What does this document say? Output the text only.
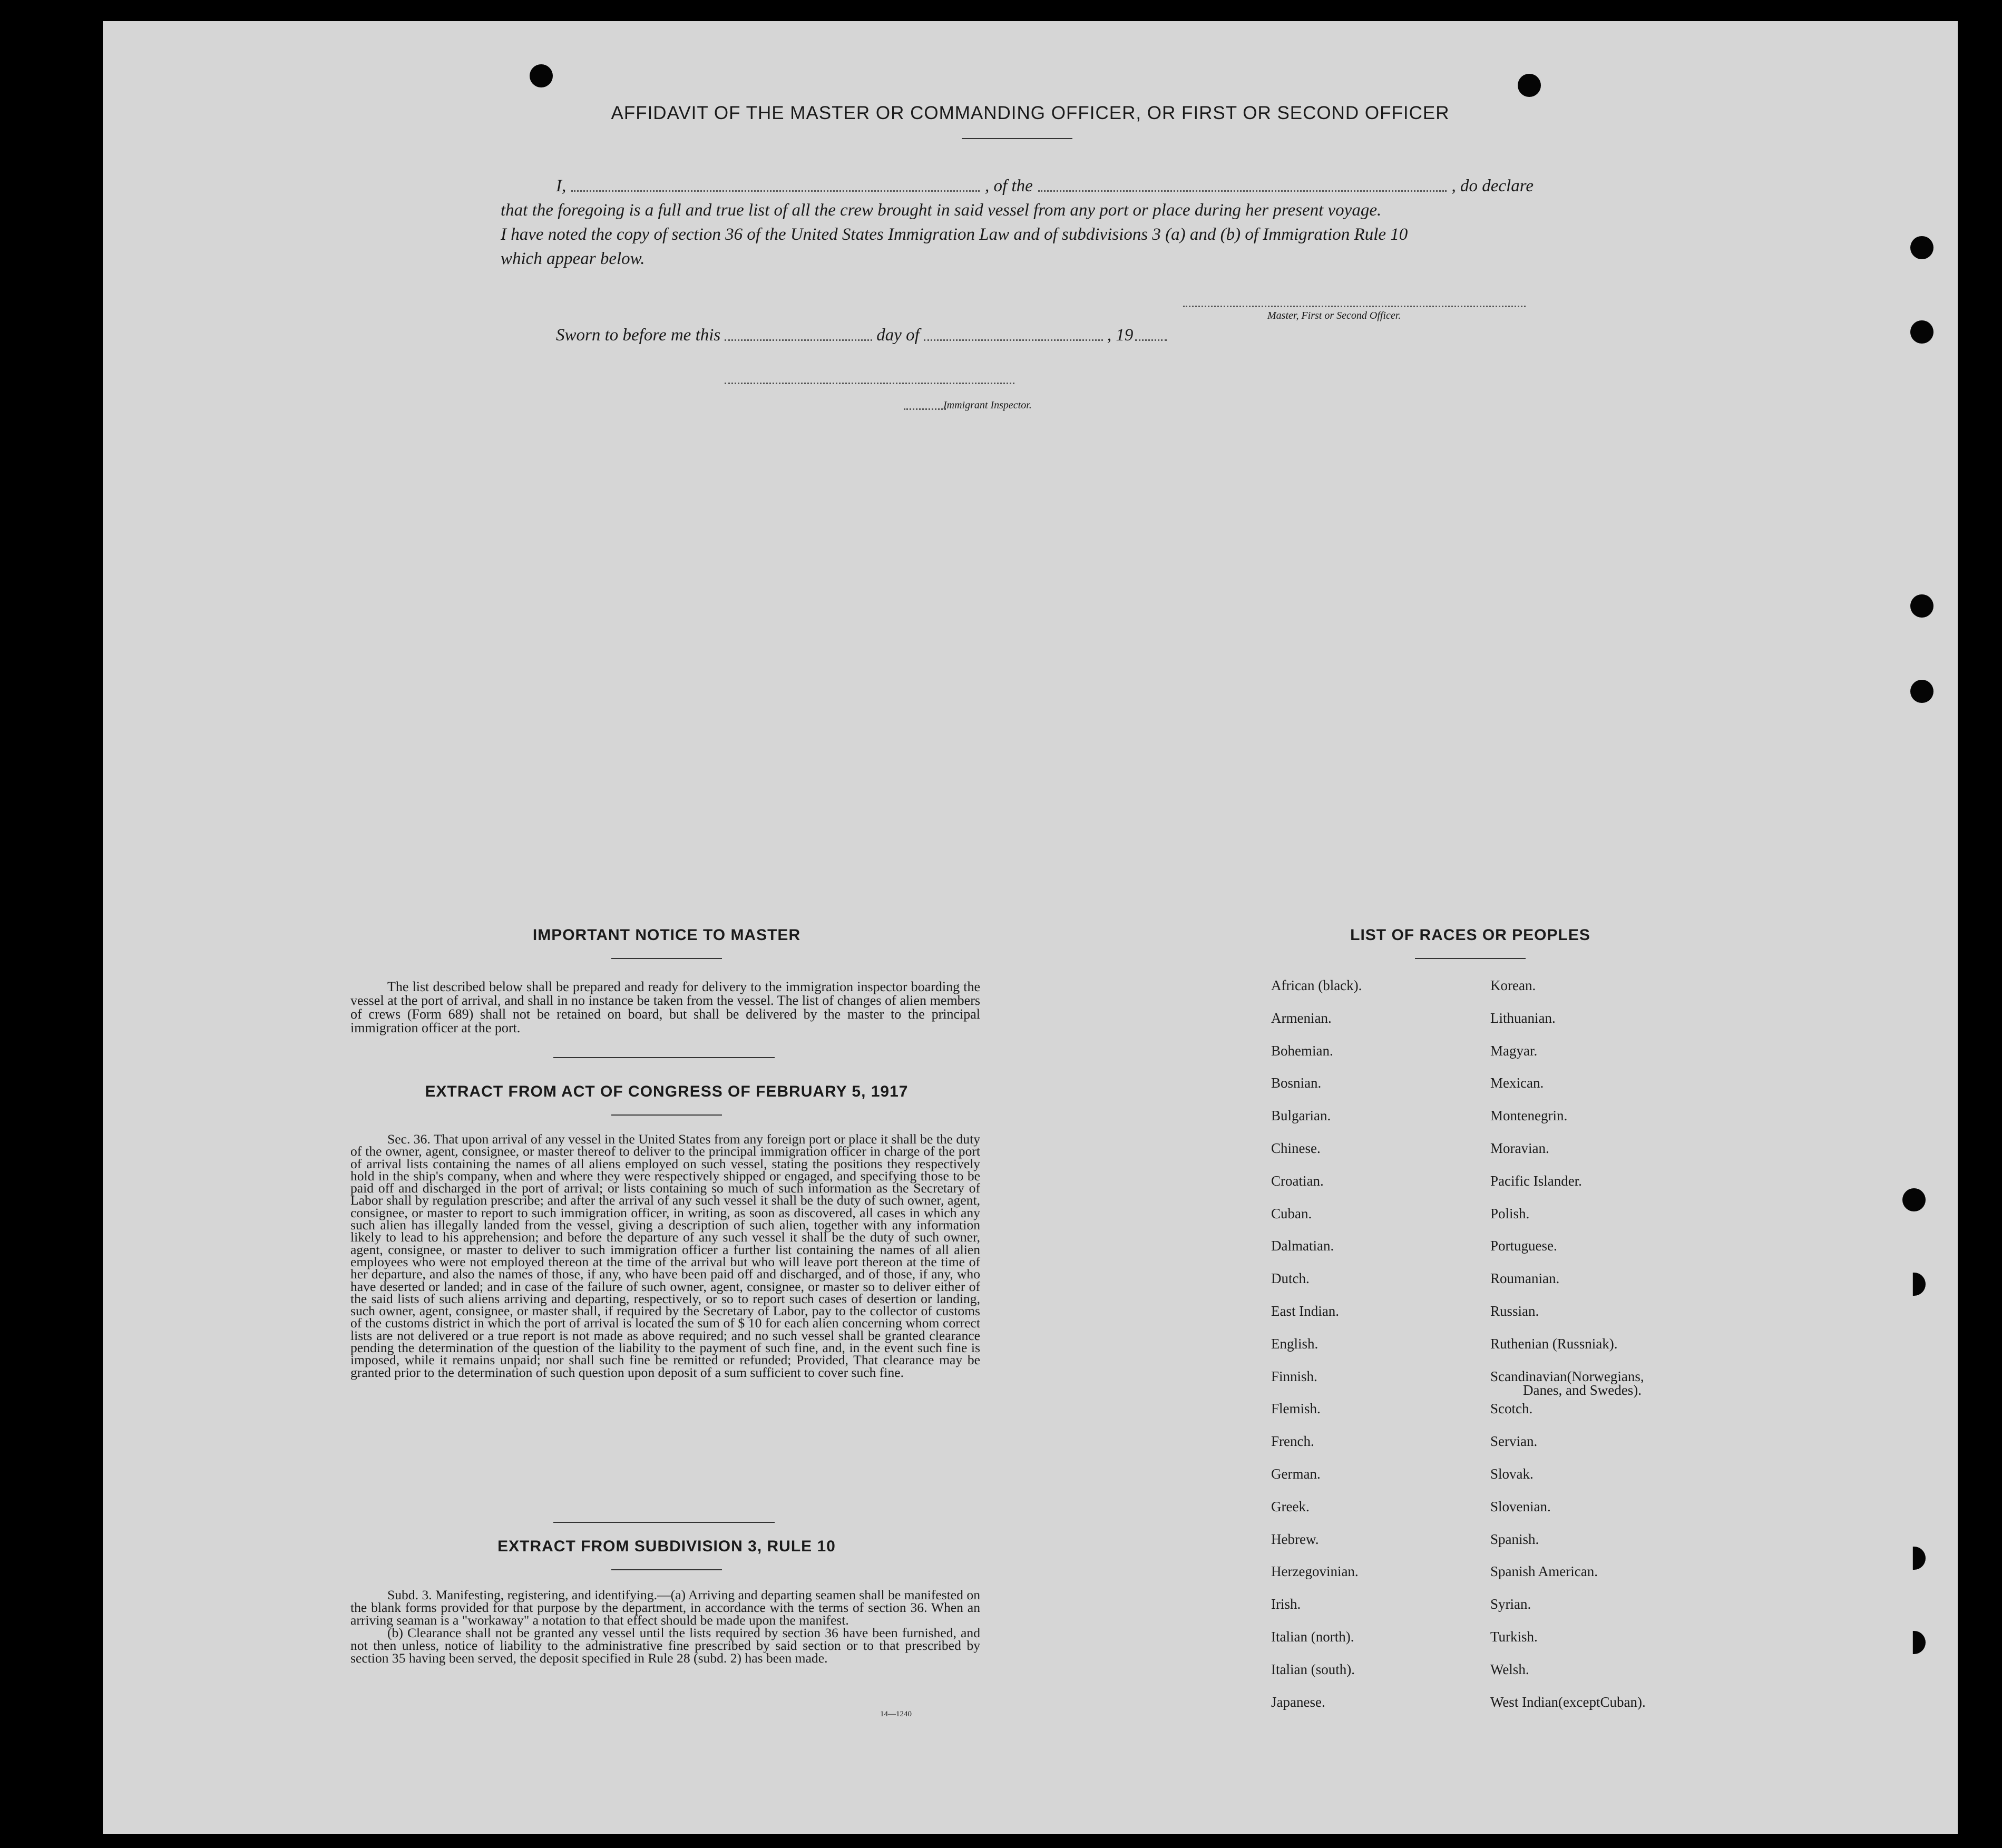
AFFIDAVIT OF THE MASTER OR COMMANDING OFFICER, OR FIRST OR SECOND OFFICER
I,	, of the	, do declare
that the foregoing is a full and true list of all the crew brought in said vessel from any port or place during her present voyage.
I have noted the copy of section 36 of the United States Immigration Law and of subdivisions 3 (a) and (b) of Immigration Rule 10
which appear below.
Master, First or Second Officer.
Sworn to before me this	day of	, 19
Immigrant Inspector.
IMPORTANT NOTICE TO MASTER

The list described below shall be prepared and ready for delivery to the immigration inspector boarding the vessel at the port of arrival, and shall in no instance be taken from the vessel. The list of changes of alien members of crews (Form 689) shall not be retained on board, but shall be delivered by the master to the principal immigration officer at the port.

EXTRACT FROM ACT OF CONGRESS OF FEBRUARY 5, 1917

Sec. 36. That upon arrival of any vessel in the United States from any foreign port or place it shall be the duty of the owner, agent, consignee, or master thereof to deliver to the principal immigration officer in charge of the port of arrival lists containing the names of all aliens employed on such vessel, stating the positions they respectively hold in the ship's company, when and where they were respectively shipped or engaged, and specifying those to be paid off and discharged in the port of arrival; or lists containing so much of such information as the Secretary of Labor shall by regulation prescribe; and after the arrival of any such vessel it shall be the duty of such owner, agent, consignee, or master to report to such immigration officer, in writing, as soon as discovered, all cases in which any such alien has illegally landed from the vessel, giving a description of such alien, together with any information likely to lead to his apprehension; and before the departure of any such vessel it shall be the duty of such owner, agent, consignee, or master to deliver to such immigration officer a further list containing the names of all alien employees who were not employed thereon at the time of the arrival but who will leave port thereon at the time of her departure, and also the names of those, if any, who have been paid off and discharged, and of those, if any, who have deserted or landed; and in case of the failure of such owner, agent, consignee, or master so to deliver either of the said lists of such aliens arriving and departing, respectively, or so to report such cases of desertion or landing, such owner, agent, consignee, or master shall, if required by the Secretary of Labor, pay to the collector of customs of the customs district in which the port of arrival is located the sum of $ 10 for each alien concerning whom correct lists are not delivered or a true report is not made as above required; and no such vessel shall be granted clearance pending the determination of the question of the liability to the payment of such fine, and, in the event such fine is imposed, while it remains unpaid; nor shall such fine be remitted or refunded; Provided, That clearance may be granted prior to the determination of such question upon deposit of a sum sufficient to cover such fine.

EXTRACT FROM SUBDIVISION 3, RULE 10

Subd. 3. Manifesting, registering, and identifying.—(a) Arriving and departing seamen shall be manifested on the blank forms provided for that purpose by the department, in accordance with the terms of section 36. When an arriving seaman is a "workaway" a notation to that effect should be made upon the manifest.

(b) Clearance shall not be granted any vessel until the lists required by section 36 have been furnished, and not then unless, notice of liability to the administrative fine prescribed by said section or to that prescribed by section 35 having been served, the deposit specified in Rule 28 (subd. 2) has been made.

14—1240
LIST OF RACES OR PEOPLES
African (black).
Armenian.
Bohemian.
Bosnian.
Bulgarian.
Chinese.
Croatian.
Cuban.
Dalmatian.
Dutch.
East Indian.
English.
Finnish.
Flemish.
French.
German.
Greek.
Hebrew.
Herzegovinian.
Irish.
Italian (north).
Italian (south).
Japanese.
Korean.
Lithuanian.
Magyar.
Mexican.
Montenegrin.
Moravian.
Pacific Islander.
Polish.
Portuguese.
Roumanian.
Russian.
Ruthenian (Russniak).
Scandinavian(Norwegians,
Scotch.
Servian.
Slovak.
Slovenian.
Spanish.
Spanish American.
Syrian.
Turkish.
Welsh.
West Indian(exceptCuban).
Danes, and Swedes).
